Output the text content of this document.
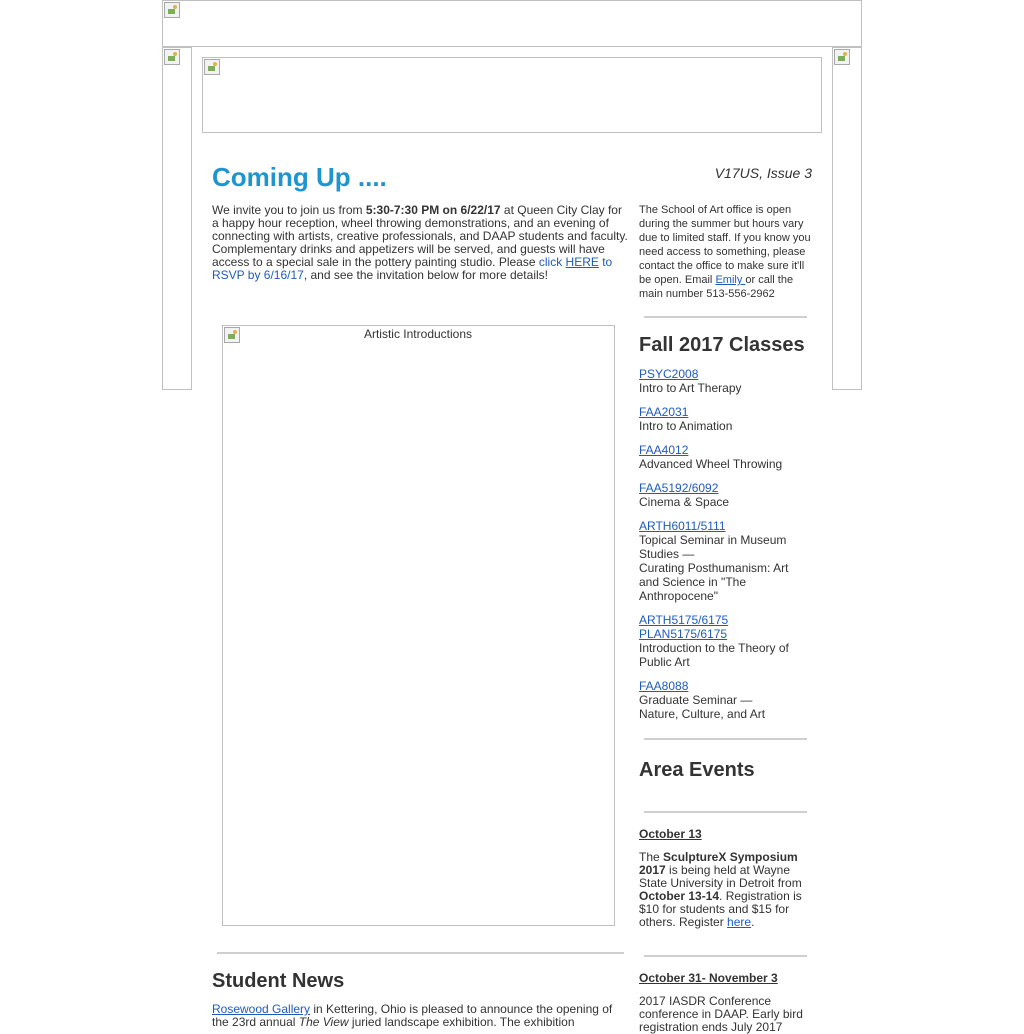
Coming Up ....	V17US, Issue 3
We invite you to join us from 5:30-7:30 PM on 6/22/17 at Queen City Clay for a happy hour reception, wheel throwing demonstrations, and an evening of connecting with artists, creative professionals, and DAAP students and faculty. Complementary drinks and appetizers will be served, and guests will have access to a special sale in the pottery painting studio. Please click HERE to RSVP by 6/16/17, and see the invitation below for more details!
Artistic Introductions
Student News
Rosewood Gallery in Kettering, Ohio is pleased to announce the opening of the 23rd annual The View juried landscape exhibition. The exhibition
The School of Art office is open during the summer but hours vary due to limited staff. If you know you need access to something, please contact the office to make sure it'll be open. Email Emily or call the main number 513-556-2962
Fall 2017 Classes
PSYC2008
Intro to Art Therapy
FAA2031
Intro to Animation
FAA4012
Advanced Wheel Throwing
FAA5192/6092
Cinema & Space
ARTH6011/5111
Topical Seminar in Museum Studies —
Curating Posthumanism: Art and Science in "The Anthropocene"
ARTH5175/6175
PLAN5175/6175
Introduction to the Theory of Public Art
FAA8088
Graduate Seminar —
Nature, Culture, and Art
Area Events
October 13
The SculptureX Symposium 2017 is being held at Wayne State University in Detroit from October 13-14. Registration is $10 for students and $15 for others. Register here.
October 31- November 3
2017 IASDR Conference conference in DAAP. Early bird registration ends July 2017
